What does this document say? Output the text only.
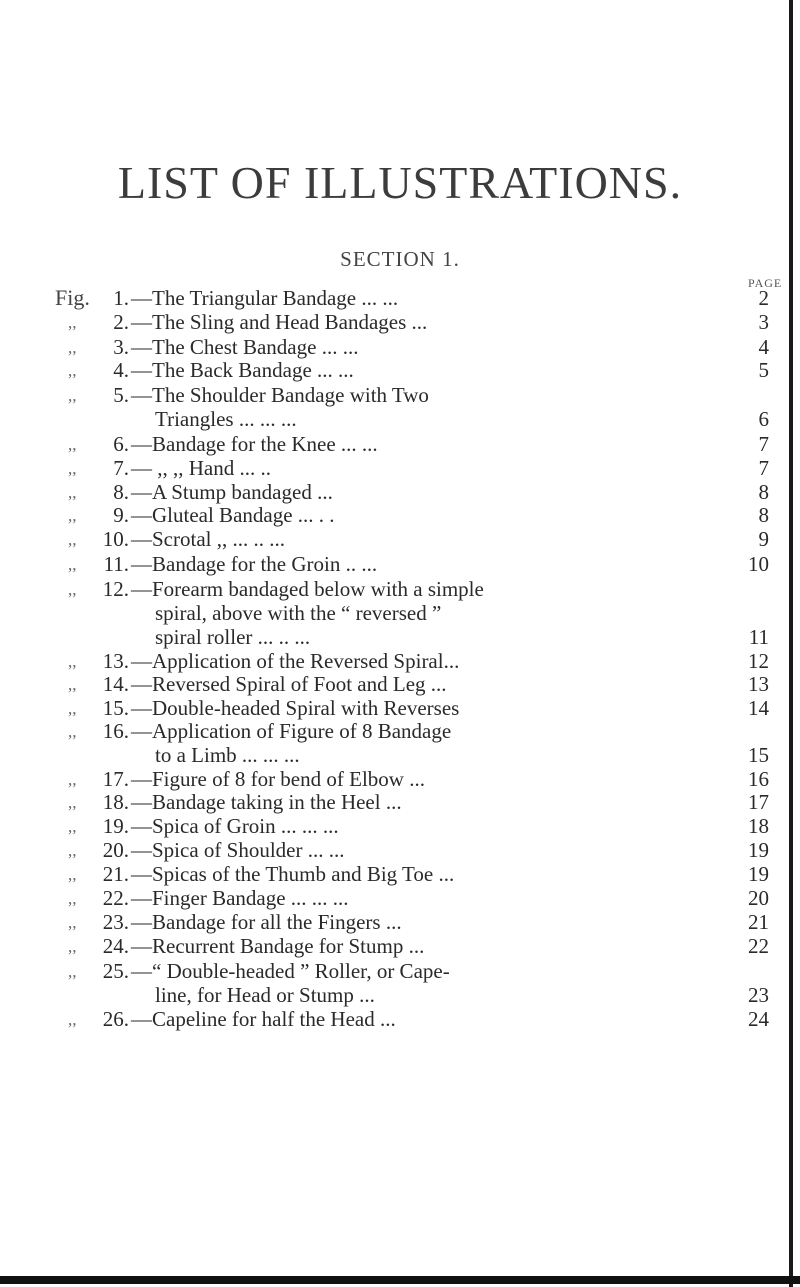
LIST OF ILLUSTRATIONS.
SECTION 1.
PAGE
Fig.	1. —The Triangular Bandage ... ...	2
,,	2. —The Sling and Head Bandages ...	3
,,	3. —The Chest Bandage ... ...	4
,,	4. —The Back Bandage ... ...	5
,,	5. —The Shoulder Bandage with Two
Triangles ... ... ...	6
,,	6. —Bandage for the Knee ... ...	7
,,	7. — ,, ,, Hand ... ..	7
,,	8. —A Stump bandaged ...	8
,,	9. —Gluteal Bandage ... . .	8
,,	10. —Scrotal ,, ... .. ...	9
,,	11. —Bandage for the Groin .. ...	10
,,	12. —Forearm bandaged below with a simple
spiral, above with the “ reversed ”
spiral roller ... .. ...	11
,,	13. —Application of the Reversed Spiral...	12
,,	14. —Reversed Spiral of Foot and Leg ...	13
,,	15. —Double-headed Spiral with Reverses	14
,,	16. —Application of Figure of 8 Bandage
to a Limb ... ... ...	15
,,	17. —Figure of 8 for bend of Elbow ...	16
,,	18. —Bandage taking in the Heel ...	17
,,	19. —Spica of Groin ... ... ...	18
,,	20. —Spica of Shoulder ... ...	19
,,	21. —Spicas of the Thumb and Big Toe ...	19
,,	22. —Finger Bandage ... ... ...	20
,,	23. —Bandage for all the Fingers ...	21
,,	24. —Recurrent Bandage for Stump ...	22
,,	25. —“ Double-headed ” Roller, or Cape-
line, for Head or Stump ...	23
,,	26. —Capeline for half the Head ...	24
